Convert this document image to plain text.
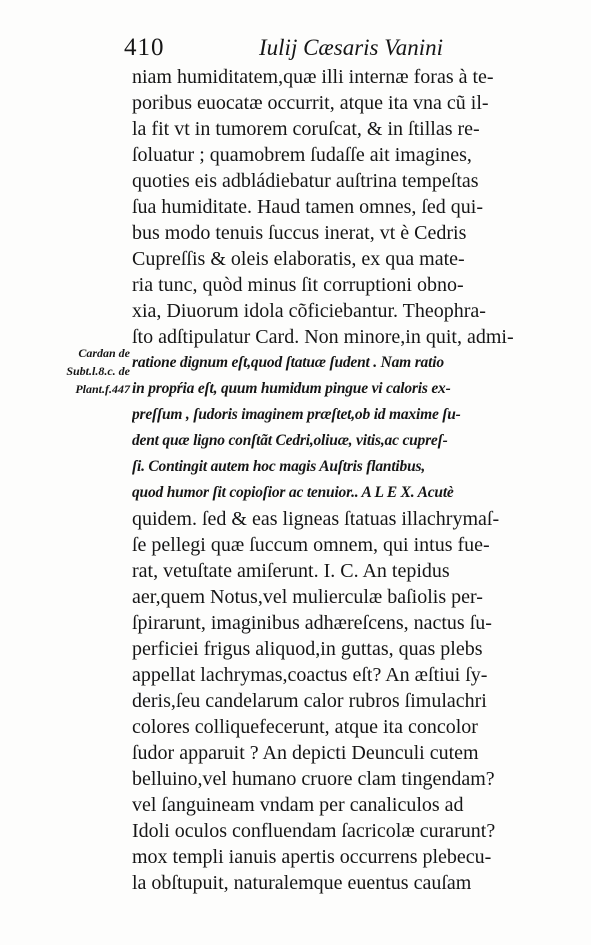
410	Iulij Cæsaris Vanini
Cardan de
Subt.l.8.c. de
Plant.f.447
niam humiditatem,quæ illi internæ foras à te-
poribus euocatæ occurrit, atque ita vna cũ il-
la fit vt in tumorem coruſcat, & in ſtillas re-
ſoluatur ; quamobrem ſudaſſe ait imagines,
quoties eis adbládiebatur auſtrina tempeſtas
ſua humiditate. Haud tamen omnes, ſed qui-
bus modo tenuis ſuccus inerat, vt è Cedris
Cupreſſis & oleis elaboratis, ex qua mate-
ria tunc, quòd minus ſit corruptioni obno-
xia, Diuorum idola cõficiebantur. Theophra-
ſto adſtipulatur Card. Non minore,in quit, admi-
ratione dignum eſt,quod ſtatuæ ſudent . Nam ratio
in propŕia eſt, quum humidum pingue vi caloris ex-
preſſum , ſudoris imaginem præſtet,ob id maxime ſu-
dent quæ ligno conſtãt Cedri,oliuæ, vitis,ac cupreſ-
ſi. Contingit autem hoc magis Auſtris flantibus,
quod humor ſit copioſior ac tenuior.. A L E X. Acutè
quidem. ſed & eas ligneas ſtatuas illachrymaſ-
ſe pellegi quæ ſuccum omnem, qui intus fue-
rat, vetuſtate amiſerunt. I. C. An tepidus
aer,quem Notus,vel mulierculæ baſiolis per-
ſpirarunt, imaginibus adhæreſcens, nactus ſu-
perficiei frigus aliquod,in guttas, quas plebs
appellat lachrymas,coactus eſt? An æſtiui ſy-
deris,ſeu candelarum calor rubros ſimulachri
colores colliquefecerunt, atque ita concolor
ſudor apparuit ? An depicti Deunculi cutem
belluino,vel humano cruore clam tingendam?
vel ſanguineam vndam per canaliculos ad
Idoli oculos confluendam ſacricolæ curarunt?
mox templi ianuis apertis occurrens plebecu-
la obſtupuit, naturalemque euentus cauſam
